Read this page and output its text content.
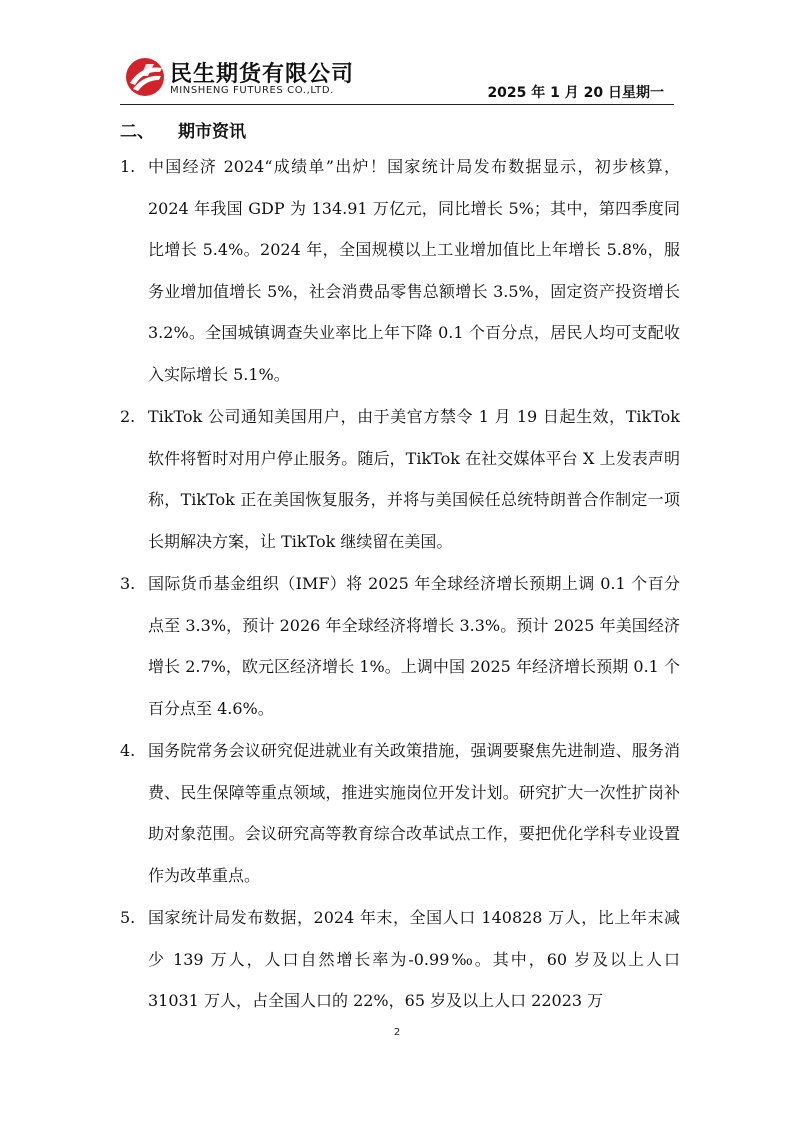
民生期货有限公司
MINSHENG FUTURES CO.,LTD.	2025 年 1 月 20 日星期一
二、 期市资讯
1. 中国经济 2024“成绩单”出炉！国家统计局发布数据显示，初步核算，2024 年我国 GDP 为 134.91 万亿元，同比增长 5%；其中，第四季度同比增长 5.4%。2024 年，全国规模以上工业增加值比上年增长 5.8%，服务业增加值增长 5%，社会消费品零售总额增长 3.5%，固定资产投资增长 3.2%。全国城镇调查失业率比上年下降 0.1 个百分点，居民人均可支配收入实际增长 5.1%。
2. TikTok 公司通知美国用户，由于美官方禁令 1 月 19 日起生效，TikTok 软件将暂时对用户停止服务。随后，TikTok 在社交媒体平台 X 上发表声明称，TikTok 正在美国恢复服务，并将与美国候任总统特朗普合作制定一项长期解决方案，让 TikTok 继续留在美国。
3. 国际货币基金组织（IMF）将 2025 年全球经济增长预期上调 0.1 个百分点至 3.3%，预计 2026 年全球经济将增长 3.3%。预计 2025 年美国经济增长 2.7%，欧元区经济增长 1%。上调中国 2025 年经济增长预期 0.1 个百分点至 4.6%。
4. 国务院常务会议研究促进就业有关政策措施，强调要聚焦先进制造、服务消费、民生保障等重点领域，推进实施岗位开发计划。研究扩大一次性扩岗补助对象范围。会议研究高等教育综合改革试点工作，要把优化学科专业设置作为改革重点。
5. 国家统计局发布数据，2024 年末，全国人口 140828 万人，比上年末减少 139 万人，人口自然增长率为-0.99‰。其中，60 岁及以上人口 31031 万人，占全国人口的 22%，65 岁及以上人口 22023 万
2
